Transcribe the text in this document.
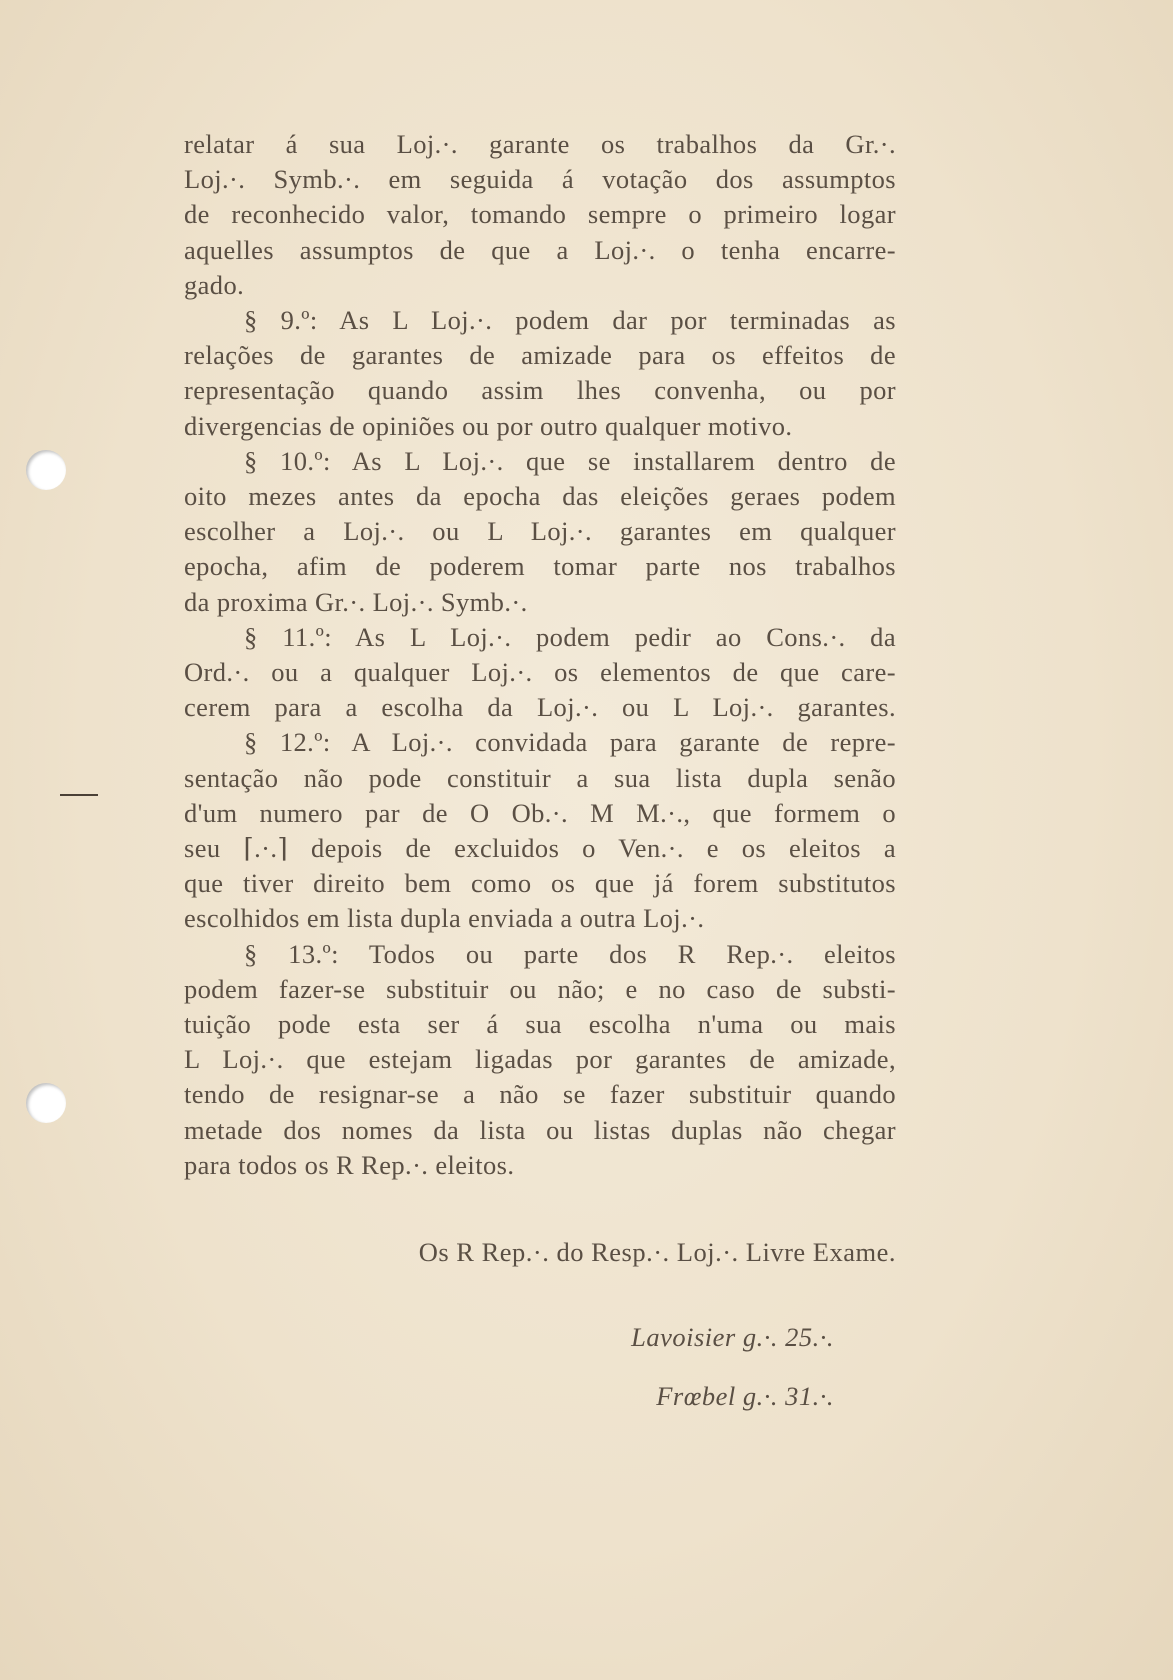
relatar á sua Loj.·. garante os trabalhos da Gr.·.
Loj.·. Symb.·. em seguida á votação dos assumptos
de reconhecido valor, tomando sempre o primeiro logar
aquelles assumptos de que a Loj.·. o tenha encarre-
gado.
§ 9.º: As L Loj.·. podem dar por terminadas as
relações de garantes de amizade para os effeitos de
representação quando assim lhes convenha, ou por
divergencias de opiniões ou por outro qualquer motivo.
§ 10.º: As L Loj.·. que se installarem dentro de
oito mezes antes da epocha das eleições geraes podem
escolher a Loj.·. ou L Loj.·. garantes em qualquer
epocha, afim de poderem tomar parte nos trabalhos
da proxima Gr.·. Loj.·. Symb.·.
§ 11.º: As L Loj.·. podem pedir ao Cons.·. da
Ord.·. ou a qualquer Loj.·. os elementos de que care-
cerem para a escolha da Loj.·. ou L Loj.·. garantes.
§ 12.º: A Loj.·. convidada para garante de repre-
sentação não pode constituir a sua lista dupla senão
d'um numero par de O Ob.·. M M.·., que formem o
seu ⌈.·.⌉ depois de excluidos o Ven.·. e os eleitos a
que tiver direito bem como os que já forem substitutos
escolhidos em lista dupla enviada a outra Loj.·.
§ 13.º: Todos ou parte dos R Rep.·. eleitos
podem fazer-se substituir ou não; e no caso de substi-
tuição pode esta ser á sua escolha n'uma ou mais
L Loj.·. que estejam ligadas por garantes de amizade,
tendo de resignar-se a não se fazer substituir quando
metade dos nomes da lista ou listas duplas não chegar
para todos os R Rep.·. eleitos.
Os R Rep.·. do Resp.·. Loj.·. Livre Exame.
Lavoisier g.·. 25.·.
Frœbel g.·. 31.·.
